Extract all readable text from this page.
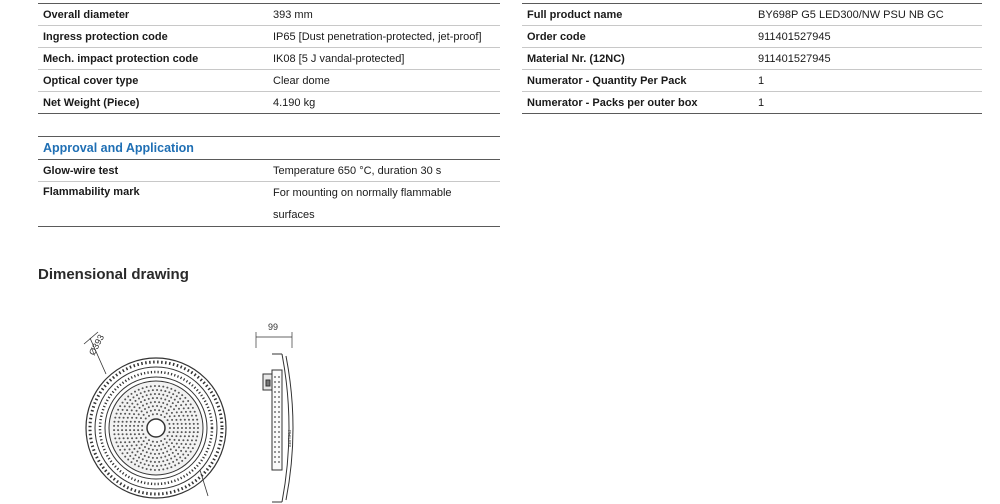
Overall diameter	393 mm
Ingress protection code	IP65 [Dust penetration-protected, jet-proof]
Mech. impact protection code	IK08 [5 J vandal-protected]
Optical cover type	Clear dome
Net Weight (Piece)	4.190 kg
Full product name	BY698P G5 LED300/NW PSU NB GC
Order code	911401527945
Material Nr. (12NC)	911401527945
Numerator - Quantity Per Pack	1
Numerator - Packs per outer box	1
Approval and Application	
Glow-wire test	Temperature 650 °C, duration 30 s
Flammability mark	For mounting on normally flammable
surfaces
Dimensional drawing
Ø393
99
PHILIPS
